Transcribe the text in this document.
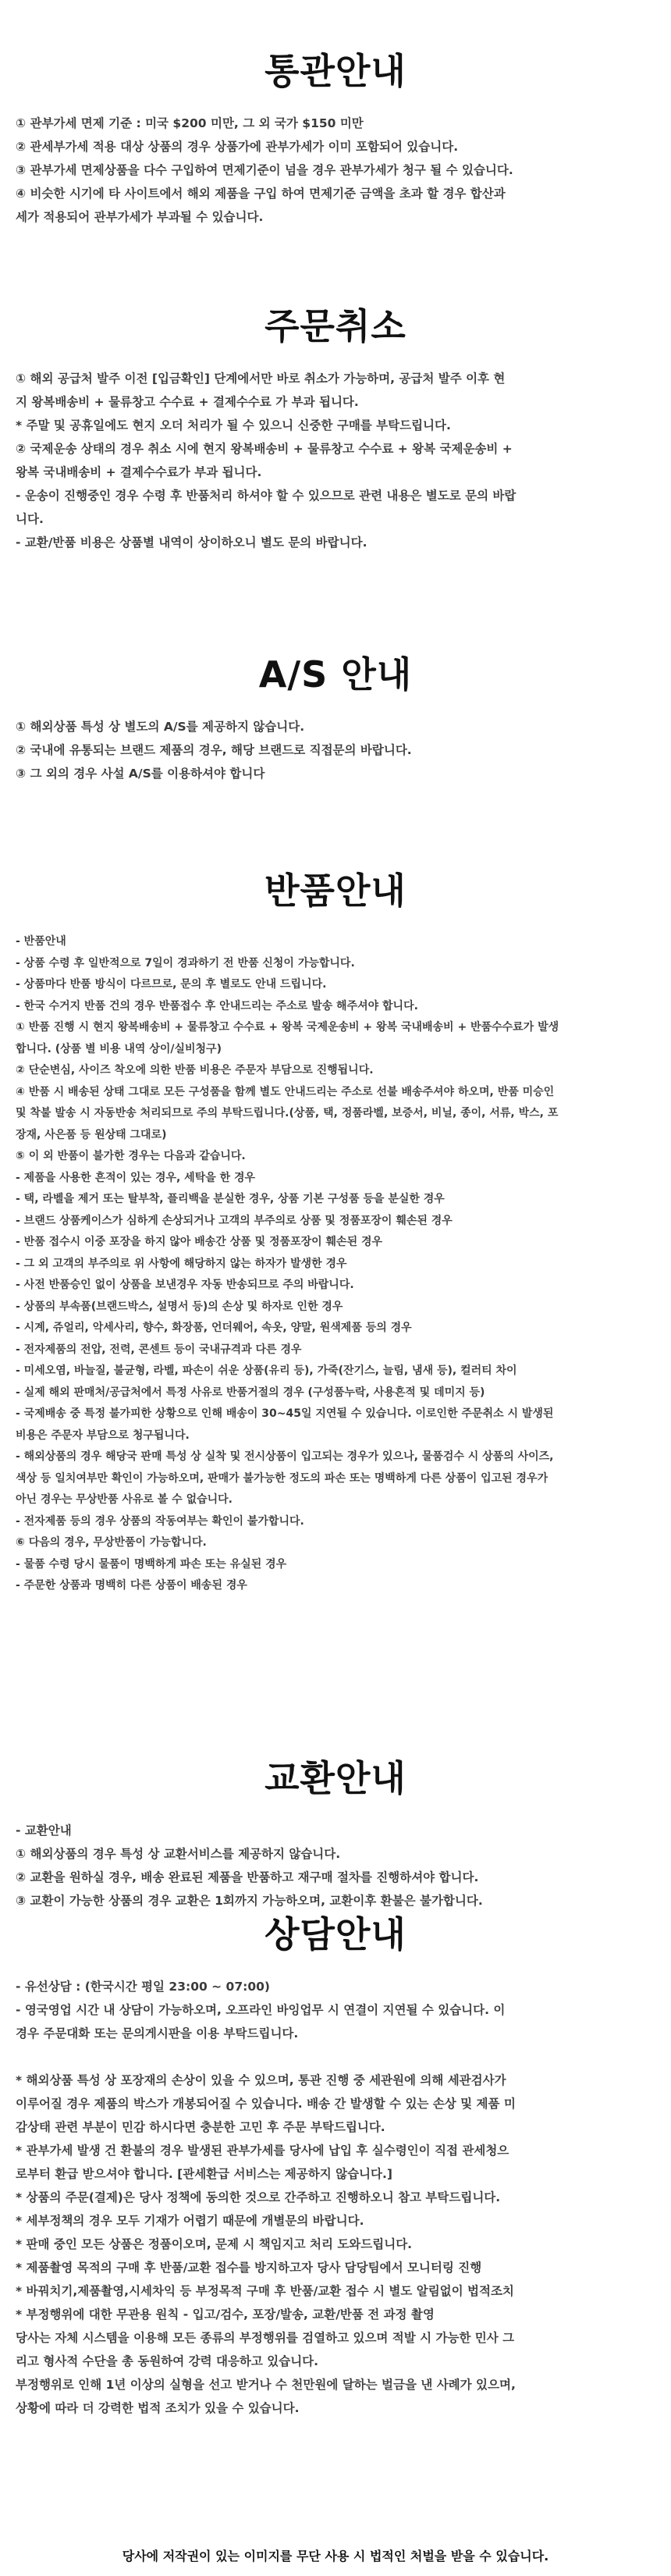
통관안내
① 관부가세 면제 기준 : 미국 $200 미만, 그 외 국가 $150 미만
② 관세부가세 적용 대상 상품의 경우 상품가에 관부가세가 이미 포함되어 있습니다.
③ 관부가세 면제상품을 다수 구입하여 면제기준이 넘을 경우 관부가세가 청구 될 수 있습니다.
④ 비슷한 시기에 타 사이트에서 해외 제품을 구입 하여 면제기준 금액을 초과 할 경우 합산과
세가 적용되어 관부가세가 부과될 수 있습니다.
주문취소
① 해외 공급처 발주 이전 [입금확인] 단계에서만 바로 취소가 가능하며, 공급처 발주 이후 현
지 왕복배송비 + 물류창고 수수료 + 결제수수료 가 부과 됩니다.
* 주말 및 공휴일에도 현지 오더 처리가 될 수 있으니 신중한 구매를 부탁드립니다.
② 국제운송 상태의 경우 취소 시에 현지 왕복배송비 + 물류창고 수수료 + 왕복 국제운송비 +
왕복 국내배송비 + 결제수수료가 부과 됩니다.
- 운송이 진행중인 경우 수령 후 반품처리 하셔야 할 수 있으므로 관련 내용은 별도로 문의 바랍
니다.
- 교환/반품 비용은 상품별 내역이 상이하오니 별도 문의 바랍니다.
A/S 안내
① 해외상품 특성 상 별도의 A/S를 제공하지 않습니다.
② 국내에 유통되는 브랜드 제품의 경우, 해당 브랜드로 직접문의 바랍니다.
③ 그 외의 경우 사설 A/S를 이용하셔야 합니다
반품안내
- 반품안내
- 상품 수령 후 일반적으로 7일이 경과하기 전 반품 신청이 가능합니다.
- 상품마다 반품 방식이 다르므로, 문의 후 별로도 안내 드립니다.
- 한국 수거지 반품 건의 경우 반품접수 후 안내드리는 주소로 발송 해주셔야 합니다.
① 반품 진행 시 현지 왕복배송비 + 물류창고 수수료 + 왕복 국제운송비 + 왕복 국내배송비 + 반품수수료가 발생
합니다. (상품 별 비용 내역 상이/실비청구)
② 단순변심, 사이즈 착오에 의한 반품 비용은 주문자 부담으로 진행됩니다.
④ 반품 시 배송된 상태 그대로 모든 구성품을 함께 별도 안내드리는 주소로 선불 배송주셔야 하오며, 반품 미승인
및 착불 발송 시 자동반송 처리되므로 주의 부탁드립니다.(상품, 택, 정품라벨, 보증서, 비닐, 종이, 서류, 박스, 포
장재, 사은품 등 원상태 그대로)
⑤ 이 외 반품이 불가한 경우는 다음과 같습니다.
- 제품을 사용한 흔적이 있는 경우, 세탁을 한 경우
- 택, 라벨을 제거 또는 탈부착, 플리백을 분실한 경우, 상품 기본 구성품 등을 분실한 경우
- 브랜드 상품케이스가 심하게 손상되거나 고객의 부주의로 상품 및 정품포장이 훼손된 경우
- 반품 접수시 이중 포장을 하지 않아 배송간 상품 및 정품포장이 훼손된 경우
- 그 외 고객의 부주의로 위 사항에 해당하지 않는 하자가 발생한 경우
- 사전 반품승인 없이 상품을 보낸경우 자동 반송되므로 주의 바랍니다.
- 상품의 부속품(브랜드박스, 설명서 등)의 손상 및 하자로 인한 경우
- 시계, 쥬얼리, 악세사리, 향수, 화장품, 언더웨어, 속옷, 양말, 원색제품 등의 경우
- 전자제품의 전압, 전력, 콘센트 등이 국내규격과 다른 경우
- 미세오염, 바늘질, 불균형, 라벨, 파손이 쉬운 상품(유리 등), 가죽(잔기스, 늘림, 냄새 등), 컬러티 차이
- 실제 해외 판매처/공급처에서 특정 사유로 반품거절의 경우 (구성품누락, 사용흔적 및 데미지 등)
- 국제배송 중 특정 불가피한 상황으로 인해 배송이 30~45일 지연될 수 있습니다. 이로인한 주문취소 시 발생된
비용은 주문자 부담으로 청구됩니다.
- 해외상품의 경우 해당국 판매 특성 상 실착 및 전시상품이 입고되는 경우가 있으나, 물품검수 시 상품의 사이즈,
색상 등 일치여부만 확인이 가능하오며, 판매가 불가능한 정도의 파손 또는 명백하게 다른 상품이 입고된 경우가
아닌 경우는 무상반품 사유로 볼 수 없습니다.
- 전자제품 등의 경우 상품의 작동여부는 확인이 불가합니다.
⑥ 다음의 경우, 무상반품이 가능합니다.
- 물품 수령 당시 물품이 명백하게 파손 또는 유실된 경우
- 주문한 상품과 명백히 다른 상품이 배송된 경우
교환안내
- 교환안내
① 해외상품의 경우 특성 상 교환서비스를 제공하지 않습니다.
② 교환을 원하실 경우, 배송 완료된 제품을 반품하고 재구매 절차를 진행하셔야 합니다.
③ 교환이 가능한 상품의 경우 교환은 1회까지 가능하오며, 교환이후 환불은 불가합니다.
상담안내
- 유선상담 : (한국시간 평일 23:00 ~ 07:00)
- 영국영업 시간 내 상담이 가능하오며, 오프라인 바잉업무 시 연결이 지연될 수 있습니다. 이
경우 주문대화 또는 문의게시판을 이용 부탁드립니다.

* 해외상품 특성 상 포장재의 손상이 있을 수 있으며, 통관 진행 중 세관원에 의해 세관검사가
이루어질 경우 제품의 박스가 개봉되어질 수 있습니다. 배송 간 발생할 수 있는 손상 및 제품 미
감상태 관련 부분이 민감 하시다면 충분한 고민 후 주문 부탁드립니다.
* 관부가세 발생 건 환불의 경우 발생된 관부가세를 당사에 납입 후 실수령인이 직접 관세청으
로부터 환급 받으셔야 합니다. [관세환급 서비스는 제공하지 않습니다.]
* 상품의 주문(결제)은 당사 정책에 동의한 것으로 간주하고 진행하오니 참고 부탁드립니다.
* 세부정책의 경우 모두 기재가 어렵기 때문에 개별문의 바랍니다.
* 판매 중인 모든 상품은 정품이오며, 문제 시 책임지고 처리 도와드립니다.
* 제품촬영 목적의 구매 후 반품/교환 접수를 방지하고자 당사 담당팀에서 모니터링 진행
* 바꿔치기,제품촬영,시세차익 등 부정목적 구매 후 반품/교환 접수 시 별도 알림없이 법적조치
* 부정행위에 대한 무관용 원칙 - 입고/검수, 포장/발송, 교환/반품 전 과정 촬영
당사는 자체 시스템을 이용해 모든 종류의 부정행위를 검열하고 있으며 적발 시 가능한 민사 그
리고 형사적 수단을 총 동원하여 강력 대응하고 있습니다.
부정행위로 인해 1년 이상의 실형을 선고 받거나 수 천만원에 달하는 벌금을 낸 사례가 있으며,
상황에 따라 더 강력한 법적 조치가 있을 수 있습니다.
당사에 저작권이 있는 이미지를 무단 사용 시 법적인 처벌을 받을 수 있습니다.
